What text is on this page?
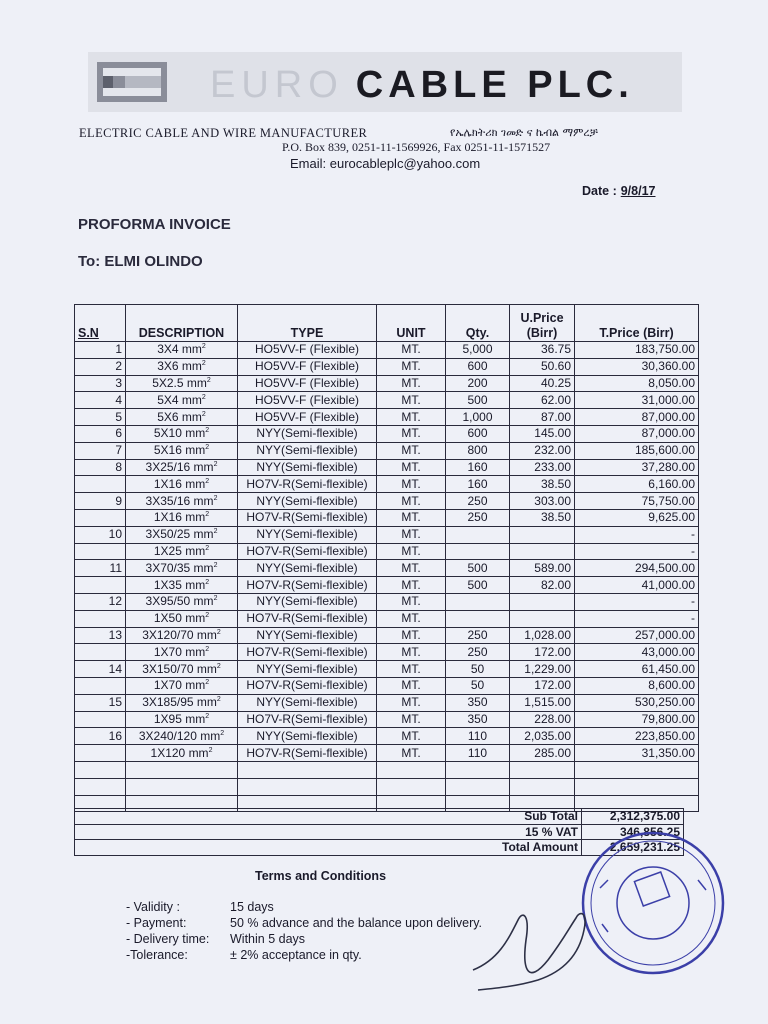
EURO CABLE PLC.
ELECTRIC CABLE AND WIRE MANUFACTURER	የኤሌክትሪክ ገመድ ና ኬብል ማምረቻ
P.O. Box 839, 0251-11-1569926, Fax 0251-11-1571527
Email: eurocableplc@yahoo.com
Date : 9/8/17
PROFORMA INVOICE
To: ELMI OLINDO
S.N	DESCRIPTION	TYPE	UNIT	Qty.	U.Price (Birr)	T.Price (Birr)
1	3X4 $mm^2$	HO5VV-F (Flexible)	MT.	5,000	36.75	183,750.00
2	3X6 $mm^2$	HO5VV-F (Flexible)	MT.	600	50.60	30,360.00
3	5X2.5 $mm^2$	HO5VV-F (Flexible)	MT.	200	40.25	8,050.00
4	5X4 $mm^2$	HO5VV-F (Flexible)	MT.	500	62.00	31,000.00
5	5X6 $mm^2$	HO5VV-F (Flexible)	MT.	1,000	87.00	87,000.00
6	5X10 $mm^2$	NYY(Semi-flexible)	MT.	600	145.00	87,000.00
7	5X16 $mm^2$	NYY(Semi-flexible)	MT.	800	232.00	185,600.00
8	3X25/16 $mm^2$	NYY(Semi-flexible)	MT.	160	233.00	37,280.00
	1X16 $mm^2$	HO7V-R(Semi-flexible)	MT.	160	38.50	6,160.00
9	3X35/16 $mm^2$	NYY(Semi-flexible)	MT.	250	303.00	75,750.00
	1X16 $mm^2$	HO7V-R(Semi-flexible)	MT.	250	38.50	9,625.00
10	3X50/25 $mm^2$	NYY(Semi-flexible)	MT.			-
	1X25 $mm^2$	HO7V-R(Semi-flexible)	MT.			-
11	3X70/35 $mm^2$	NYY(Semi-flexible)	MT.	500	589.00	294,500.00
	1X35 $mm^2$	HO7V-R(Semi-flexible)	MT.	500	82.00	41,000.00
12	3X95/50 $mm^2$	NYY(Semi-flexible)	MT.			-
	1X50 $mm^2$	HO7V-R(Semi-flexible)	MT.			-
13	3X120/70 $mm^2$	NYY(Semi-flexible)	MT.	250	1,028.00	257,000.00
	1X70 $mm^2$	HO7V-R(Semi-flexible)	MT.	250	172.00	43,000.00
14	3X150/70 $mm^2$	NYY(Semi-flexible)	MT.	50	1,229.00	61,450.00
	1X70 $mm^2$	HO7V-R(Semi-flexible)	MT.	50	172.00	8,600.00
15	3X185/95 $mm^2$	NYY(Semi-flexible)	MT.	350	1,515.00	530,250.00
	1X95 $mm^2$	HO7V-R(Semi-flexible)	MT.	350	228.00	79,800.00
16	3X240/120 $mm^2$	NYY(Semi-flexible)	MT.	110	2,035.00	223,850.00
	1X120 $mm^2$	HO7V-R(Semi-flexible)	MT.	110	285.00	31,350.00

Sub Total	2,312,375.00
15 % VAT	346,856.25
Total Amount	2,659,231.25
Terms and Conditions
- Validity :	15 days
- Payment:	50 % advance and the balance upon delivery.
- Delivery time: Within 5 days
-Tolerance:	± 2% acceptance in qty.
